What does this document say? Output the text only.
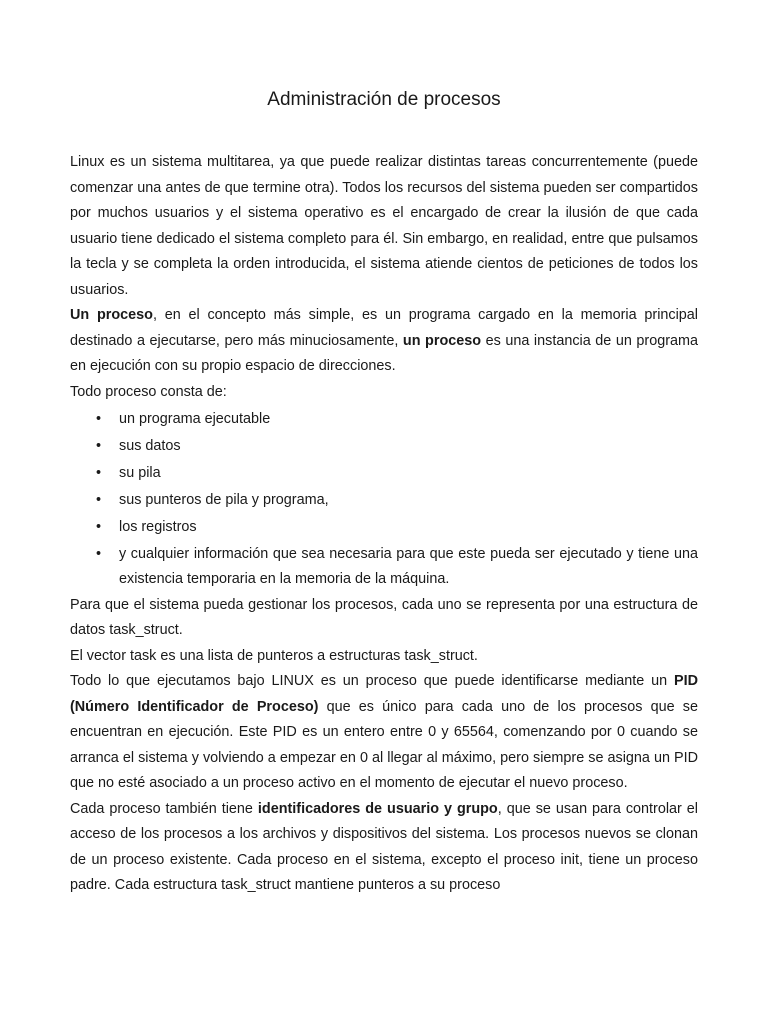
Administración de procesos

Linux es un sistema multitarea, ya que puede realizar distintas tareas concurrentemente (puede comenzar una antes de que termine otra). Todos los recursos del sistema pueden ser compartidos por muchos usuarios y el sistema operativo es el encargado de crear la ilusión de que cada usuario tiene dedicado el sistema completo para él. Sin embargo, en realidad, entre que pulsamos la tecla y se completa la orden introducida, el sistema atiende cientos de peticiones de todos los usuarios.

Un proceso, en el concepto más simple, es un programa cargado en la memoria principal destinado a ejecutarse, pero más minuciosamente, un proceso es una instancia de un programa en ejecución con su propio espacio de direcciones.

Todo proceso consta de:

• un programa ejecutable
• sus datos
• su pila
• sus punteros de pila y programa,
• los registros
• y cualquier información que sea necesaria para que este pueda ser ejecutado y tiene una existencia temporaria en la memoria de la máquina.

Para que el sistema pueda gestionar los procesos, cada uno se representa por una estructura de datos task_struct.

El vector task es una lista de punteros a estructuras task_struct.

Todo lo que ejecutamos bajo LINUX es un proceso que puede identificarse mediante un PID (Número Identificador de Proceso) que es único para cada uno de los procesos que se encuentran en ejecución. Este PID es un entero entre 0 y 65564, comenzando por 0 cuando se arranca el sistema y volviendo a empezar en 0 al llegar al máximo, pero siempre se asigna un PID que no esté asociado a un proceso activo en el momento de ejecutar el nuevo proceso.

Cada proceso también tiene identificadores de usuario y grupo, que se usan para controlar el acceso de los procesos a los archivos y dispositivos del sistema. Los procesos nuevos se clonan de un proceso existente. Cada proceso en el sistema, excepto el proceso init, tiene un proceso padre. Cada estructura task_struct mantiene punteros a su proceso
